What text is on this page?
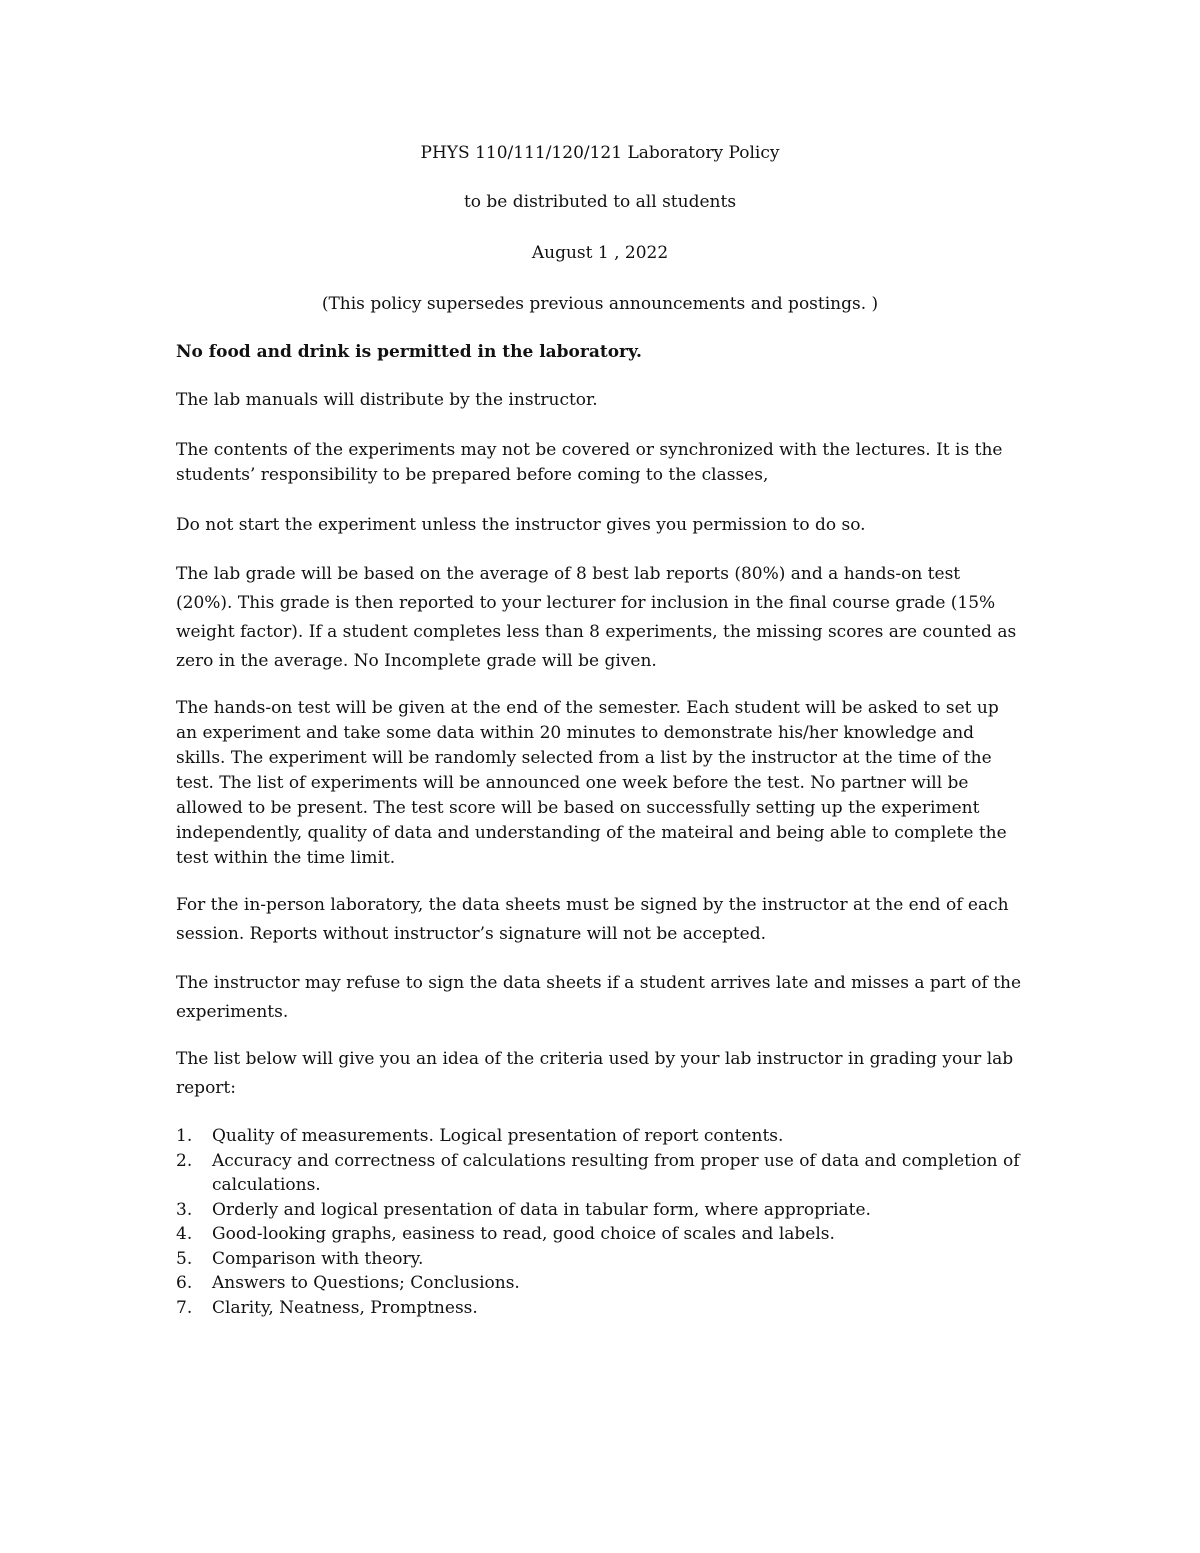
PHYS 110/111/120/121 Laboratory Policy
to be distributed to all students
August 1 , 2022
(This policy supersedes previous announcements and postings. )
No food and drink is permitted in the laboratory.
The lab manuals will distribute by the instructor.
The contents of the experiments may not be covered or synchronized with the lectures. It is the
students’ responsibility to be prepared before coming to the classes,
Do not start the experiment unless the instructor gives you permission to do so.
The lab grade will be based on the average of 8 best lab reports (80%) and a hands-on test
(20%). This grade is then reported to your lecturer for inclusion in the final course grade (15%
weight factor). If a student completes less than 8 experiments, the missing scores are counted as
zero in the average. No Incomplete grade will be given.
The hands-on test will be given at the end of the semester. Each student will be asked to set up
an experiment and take some data within 20 minutes to demonstrate his/her knowledge and
skills. The experiment will be randomly selected from a list by the instructor at the time of the
test. The list of experiments will be announced one week before the test. No partner will be
allowed to be present. The test score will be based on successfully setting up the experiment
independently, quality of data and understanding of the mateiral and being able to complete the
test within the time limit.
For the in-person laboratory, the data sheets must be signed by the instructor at the end of each
session. Reports without instructor’s signature will not be accepted.
The instructor may refuse to sign the data sheets if a student arrives late and misses a part of the
experiments.
The list below will give you an idea of the criteria used by your lab instructor in grading your lab
report:
1. Quality of measurements. Logical presentation of report contents.
2. Accuracy and correctness of calculations resulting from proper use of data and completion of
calculations.
3. Orderly and logical presentation of data in tabular form, where appropriate.
4. Good-looking graphs, easiness to read, good choice of scales and labels.
5. Comparison with theory.
6. Answers to Questions; Conclusions.
7. Clarity, Neatness, Promptness.
